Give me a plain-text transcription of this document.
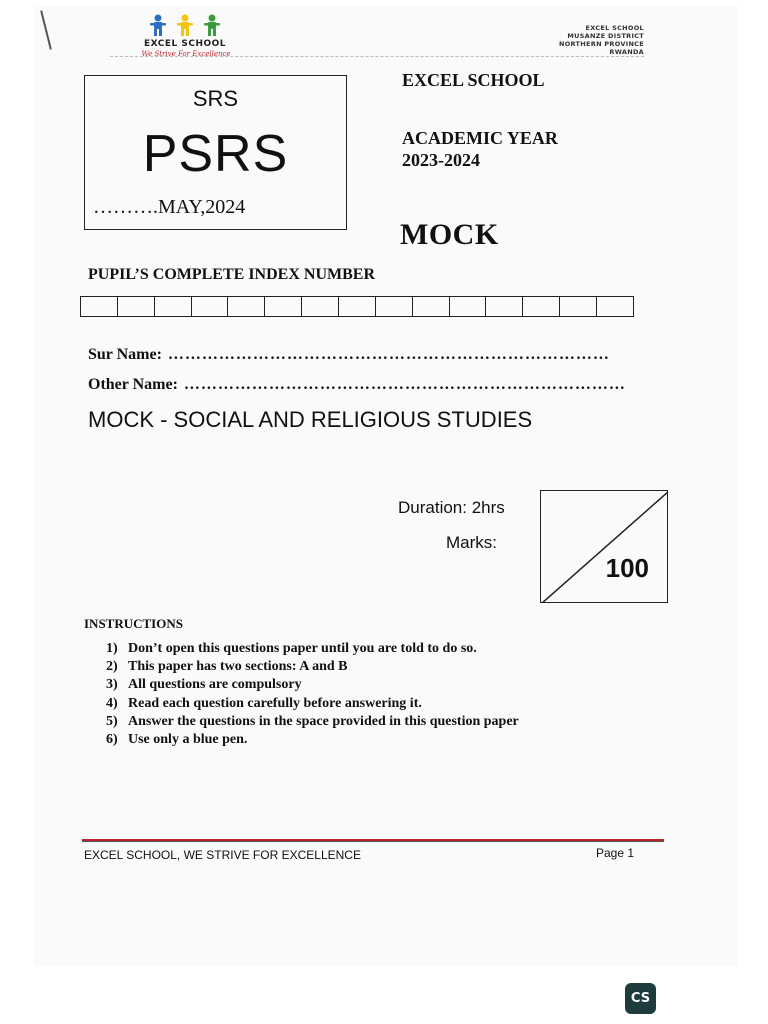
EXCEL SCHOOL
We Strive For Excellence
EXCEL SCHOOL
MUSANZE DISTRICT
NORTHERN PROVINCE
RWANDA
SRS
PSRS
……….MAY,2024
EXCEL SCHOOL
ACADEMIC YEAR
2023-2024
MOCK
PUPIL’S COMPLETE INDEX NUMBER
Sur Name: ……………………………………………………………………
Other Name: ……………………………………………………………………
MOCK - SOCIAL AND RELIGIOUS STUDIES
Duration: 2hrs
Marks:
100
INSTRUCTIONS
1) Don’t open this questions paper until you are told to do so.
2) This paper has two sections: A and B
3) All questions are compulsory
4) Read each question carefully before answering it.
5) Answer the questions in the space provided in this question paper
6) Use only a blue pen.
EXCEL SCHOOL, WE STRIVE FOR EXCELLENCE	Page 1
CS
